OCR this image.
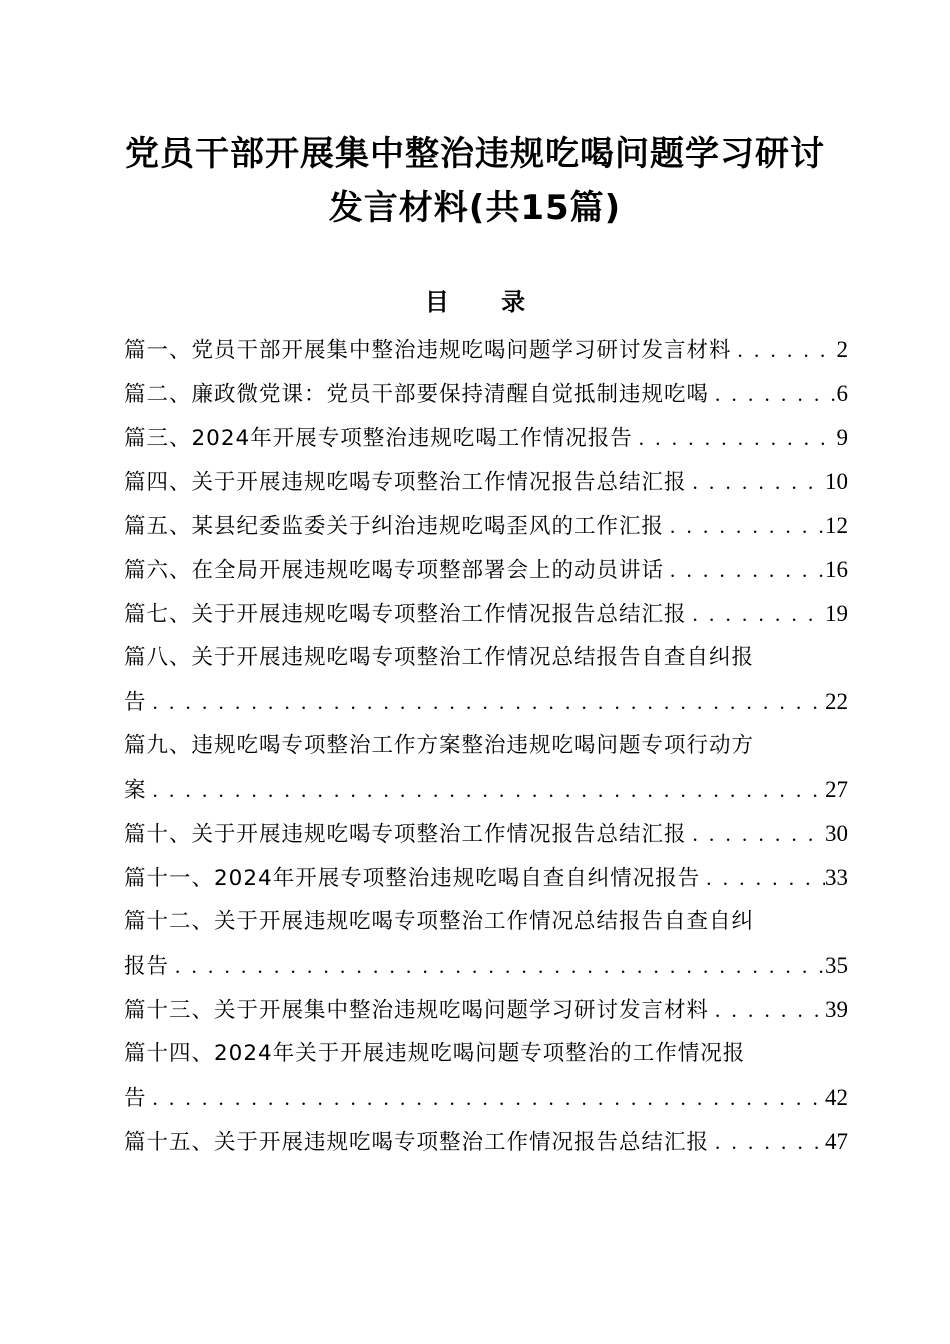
党员干部开展集中整治违规吃喝问题学习研讨
发言材料(共15篇)
目 录
篇一、党员干部开展集中整治违规吃喝问题学习研讨发言材料 . . .	2
篇二、廉政微党课：党员干部要保持清醒自觉抵制违规吃喝 . . .	6
篇三、2024年开展专项整治违规吃喝工作情况报告 . . .	9
篇四、关于开展违规吃喝专项整治工作情况报告总结汇报 . . .	10
篇五、某县纪委监委关于纠治违规吃喝歪风的工作汇报 . . .	12
篇六、在全局开展违规吃喝专项整部署会上的动员讲话 . . .	16
篇七、关于开展违规吃喝专项整治工作情况报告总结汇报 . . .	19
篇八、关于开展违规吃喝专项整治工作情况总结报告自查自纠报
告 . . .	22
篇九、违规吃喝专项整治工作方案整治违规吃喝问题专项行动方
案 . . .	27
篇十、关于开展违规吃喝专项整治工作情况报告总结汇报 . . .	30
篇十一、2024年开展专项整治违规吃喝自查自纠情况报告 . . .	33
篇十二、关于开展违规吃喝专项整治工作情况总结报告自查自纠
报告 . . .	35
篇十三、关于开展集中整治违规吃喝问题学习研讨发言材料 . . .	39
篇十四、2024年关于开展违规吃喝问题专项整治的工作情况报
告 . . .	42
篇十五、关于开展违规吃喝专项整治工作情况报告总结汇报 . . .	47
